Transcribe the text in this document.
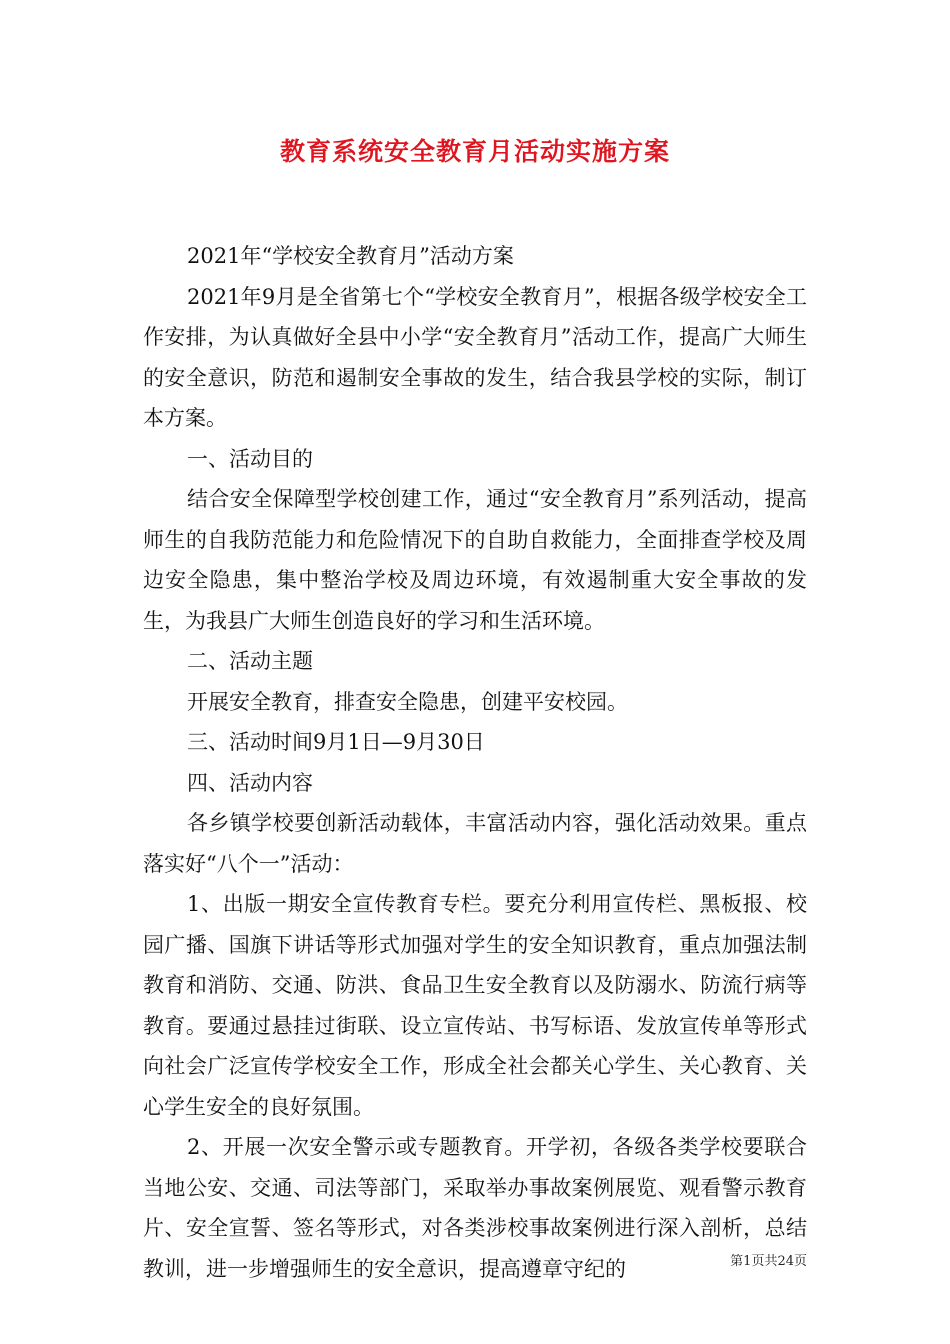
教育系统安全教育月活动实施方案

2021年“学校安全教育月”活动方案

2021年9月是全省第七个“学校安全教育月”，根据各级学校安全工作安排，为认真做好全县中小学“安全教育月”活动工作，提高广大师生的安全意识，防范和遏制安全事故的发生，结合我县学校的实际，制订本方案。

一、活动目的

结合安全保障型学校创建工作，通过“安全教育月”系列活动，提高师生的自我防范能力和危险情况下的自助自救能力，全面排查学校及周边安全隐患，集中整治学校及周边环境，有效遏制重大安全事故的发生，为我县广大师生创造良好的学习和生活环境。

二、活动主题

开展安全教育，排查安全隐患，创建平安校园。

三、活动时间9月1日—9月30日

四、活动内容

各乡镇学校要创新活动载体，丰富活动内容，强化活动效果。重点落实好“八个一”活动：

1、出版一期安全宣传教育专栏。要充分利用宣传栏、黑板报、校园广播、国旗下讲话等形式加强对学生的安全知识教育，重点加强法制教育和消防、交通、防洪、食品卫生安全教育以及防溺水、防流行病等教育。要通过悬挂过街联、设立宣传站、书写标语、发放宣传单等形式向社会广泛宣传学校安全工作，形成全社会都关心学生、关心教育、关心学生安全的良好氛围。

2、开展一次安全警示或专题教育。开学初，各级各类学校要联合当地公安、交通、司法等部门，采取举办事故案例展览、观看警示教育片、安全宣誓、签名等形式，对各类涉校事故案例进行深入剖析，总结教训，进一步增强师生的安全意识，提高遵章守纪的	第1页共24页
